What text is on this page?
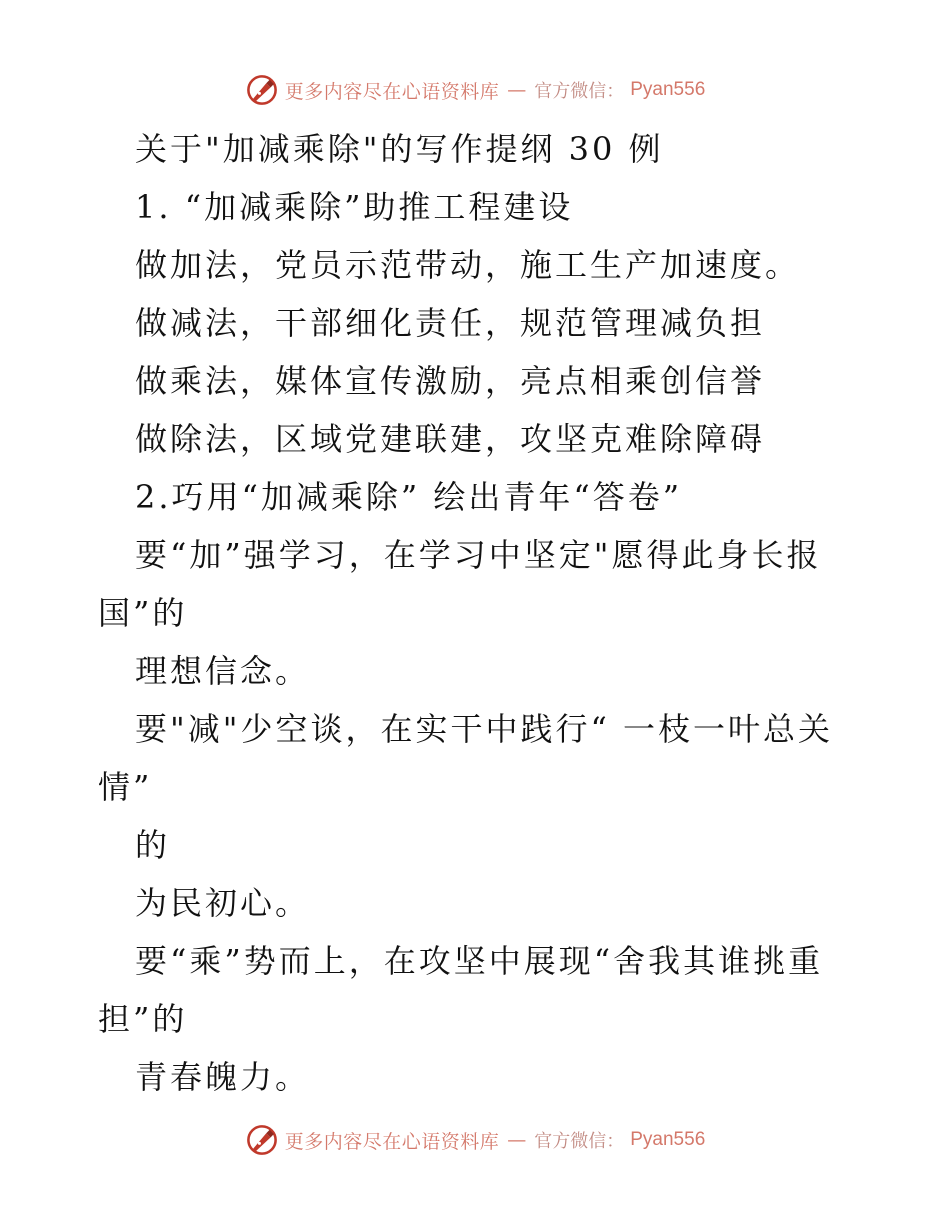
更多内容尽在心语资料库 — 官方微信： Pyan556
关于"加减乘除"的写作提纲 30 例
1. “加减乘除”助推工程建设
做加法，党员示范带动，施工生产加速度。
做减法，干部细化责任，规范管理减负担
做乘法，媒体宣传激励，亮点相乘创信誉
做除法，区域党建联建，攻坚克难除障碍
2.巧用“加减乘除” 绘出青年“答卷”
要“加”强学习，在学习中坚定"愿得此身长报
国”的
理想信念。
要"减"少空谈，在实干中践行“ 一枝一叶总关
情”
的
为民初心。
要“乘”势而上，在攻坚中展现“舍我其谁挑重
担”的
青春魄力。
更多内容尽在心语资料库 — 官方微信： Pyan556
